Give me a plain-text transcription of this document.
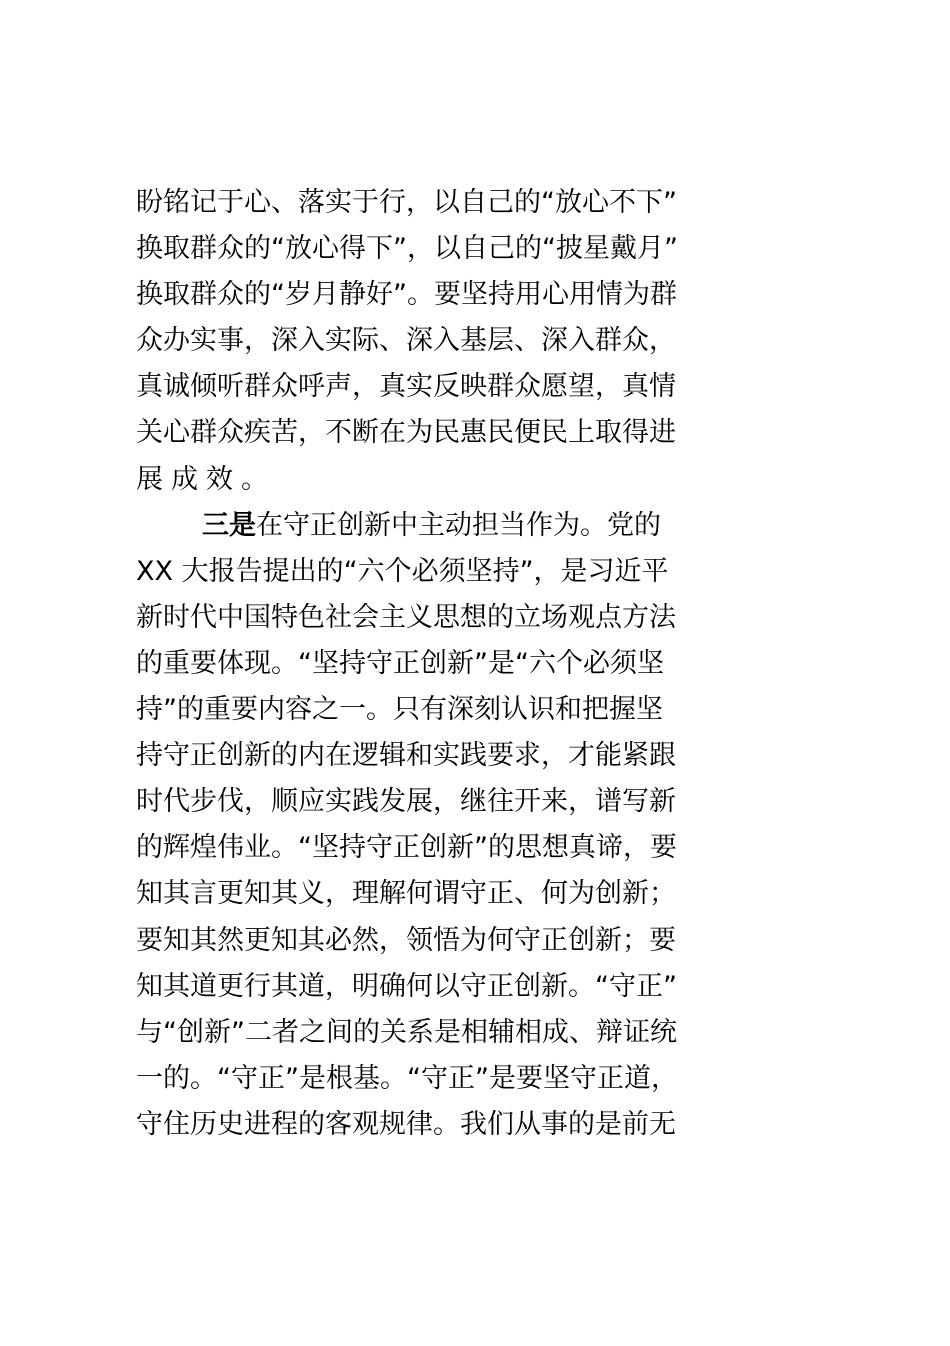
盼铭记于心、落实于行，以自己的“放心不下”
换取群众的“放心得下”，以自己的“披星戴月”
换取群众的“岁月静好”。要坚持用心用情为群
众办实事，深入实际、深入基层、深入群众，
真诚倾听群众呼声，真实反映群众愿望，真情
关心群众疾苦，不断在为民惠民便民上取得进
展成效。
三是在守正创新中主动担当作为。党的
XX 大报告提出的“六个必须坚持”，是习近平
新时代中国特色社会主义思想的立场观点方法
的重要体现。“坚持守正创新”是“六个必须坚
持”的重要内容之一。只有深刻认识和把握坚
持守正创新的内在逻辑和实践要求，才能紧跟
时代步伐，顺应实践发展，继往开来，谱写新
的辉煌伟业。“坚持守正创新”的思想真谛，要
知其言更知其义，理解何谓守正、何为创新；
要知其然更知其必然，领悟为何守正创新；要
知其道更行其道，明确何以守正创新。“守正”
与“创新”二者之间的关系是相辅相成、辩证统
一的。“守正”是根基。“守正”是要坚守正道，
守住历史进程的客观规律。我们从事的是前无
